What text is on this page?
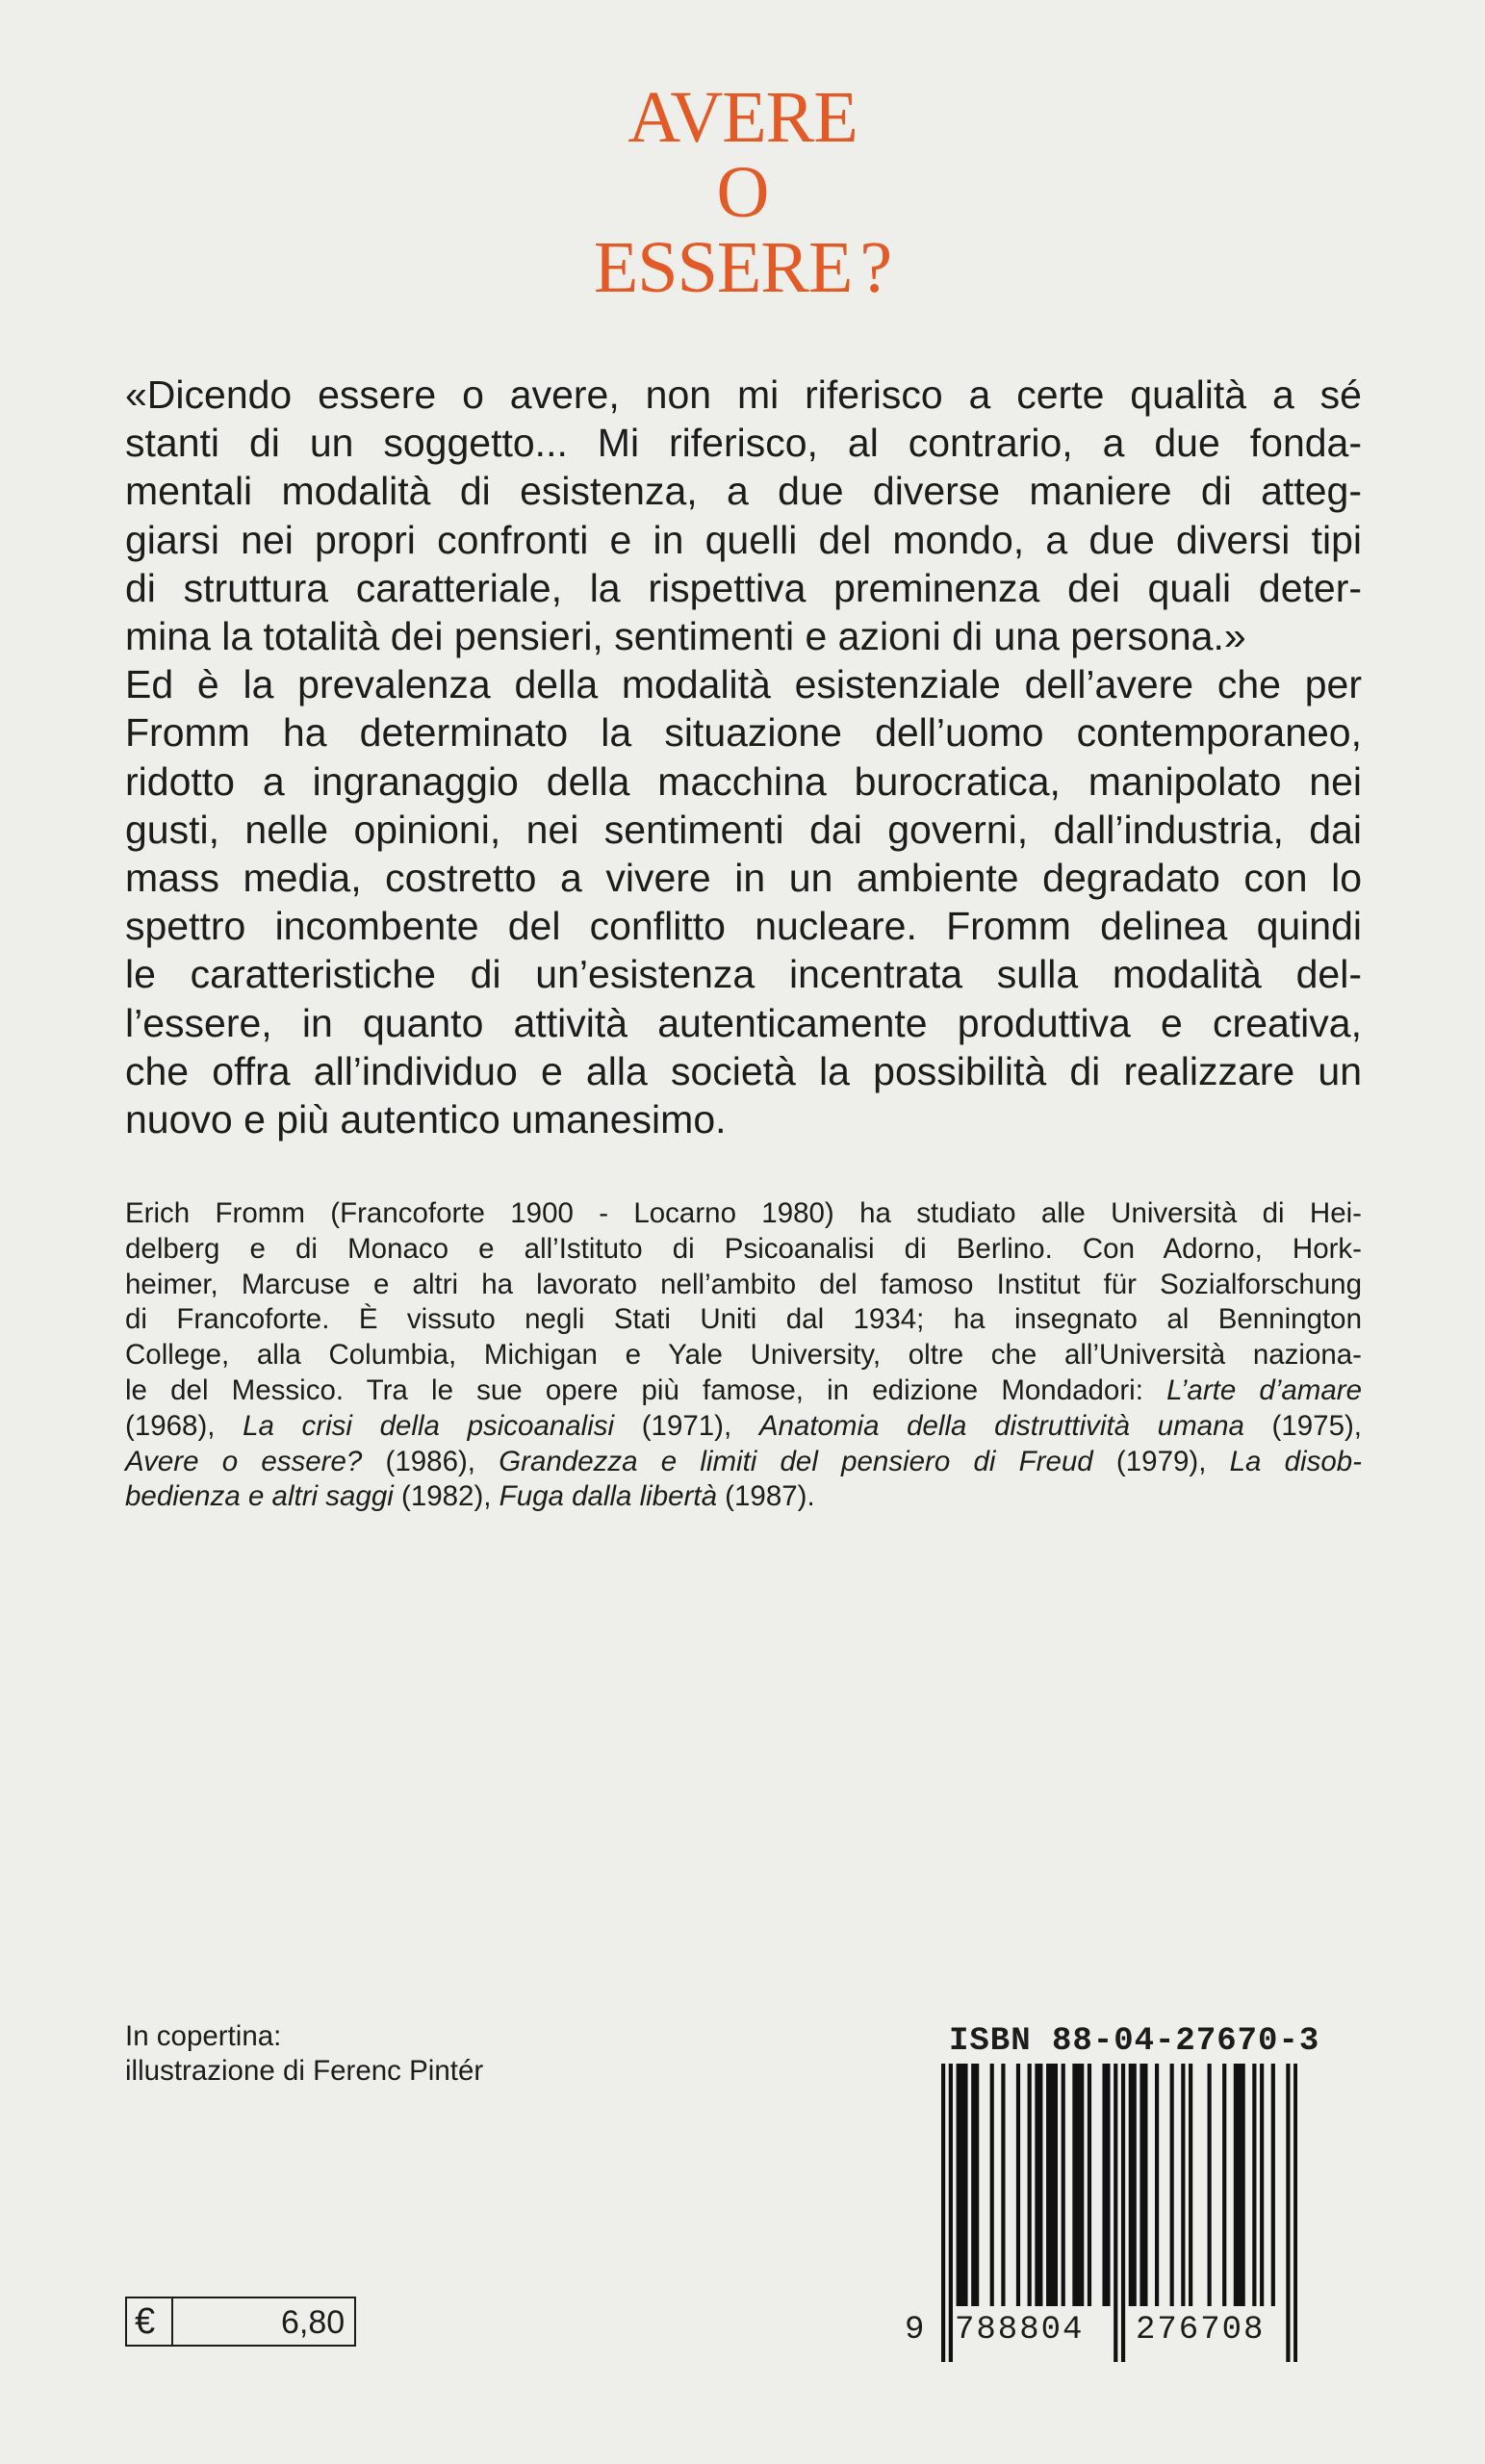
AVERE
O
ESSERE ?
«Dicendo essere o avere, non mi riferisco a certe qualità a sé
stanti di un soggetto... Mi riferisco, al contrario, a due fonda-
mentali modalità di esistenza, a due diverse maniere di atteg-
giarsi nei propri confronti e in quelli del mondo, a due diversi tipi
di struttura caratteriale, la rispettiva preminenza dei quali deter-
mina la totalità dei pensieri, sentimenti e azioni di una persona.»
Ed è la prevalenza della modalità esistenziale dell’avere che per
Fromm ha determinato la situazione dell’uomo contemporaneo,
ridotto a ingranaggio della macchina burocratica, manipolato nei
gusti, nelle opinioni, nei sentimenti dai governi, dall’industria, dai
mass media, costretto a vivere in un ambiente degradato con lo
spettro incombente del conflitto nucleare. Fromm delinea quindi
le caratteristiche di un’esistenza incentrata sulla modalità del-
l’essere, in quanto attività autenticamente produttiva e creativa,
che offra all’individuo e alla società la possibilità di realizzare un
nuovo e più autentico umanesimo.
Erich Fromm (Francoforte 1900 - Locarno 1980) ha studiato alle Università di Hei-
delberg e di Monaco e all’Istituto di Psicoanalisi di Berlino. Con Adorno, Hork-
heimer, Marcuse e altri ha lavorato nell’ambito del famoso Institut für Sozialforschung
di Francoforte. È vissuto negli Stati Uniti dal 1934; ha insegnato al Bennington
College, alla Columbia, Michigan e Yale University, oltre che all’Università naziona-
le del Messico. Tra le sue opere più famose, in edizione Mondadori: L’arte d’amare
(1968), La crisi della psicoanalisi (1971), Anatomia della distruttività umana (1975),
Avere o essere? (1986), Grandezza e limiti del pensiero di Freud (1979), La disob-
bedienza e altri saggi (1982), Fuga dalla libertà (1987).
In copertina:
illustrazione di Ferenc Pintér
€	6,80
ISBN 88-04-27670-3
9 788804 276708
